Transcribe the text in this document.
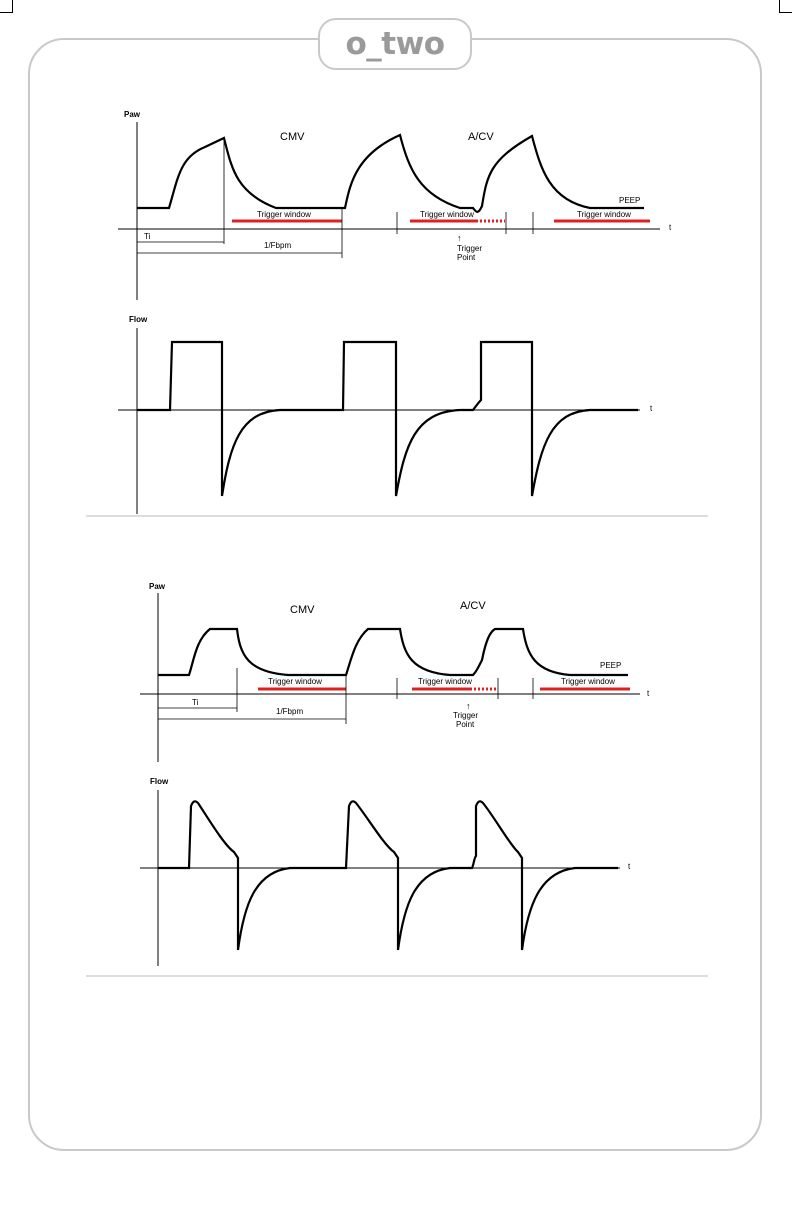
o_two
Paw
t
CMV	A/CV
PEEP
Trigger window	Trigger window	Trigger window
↑
Trigger
Point
Ti
1/Fbpm
Flow
t
Paw
t
CMV	A/CV
PEEP
Trigger window	Trigger window	Trigger window
↑
Trigger
Point
Ti
1/Fbpm
Flow
t
